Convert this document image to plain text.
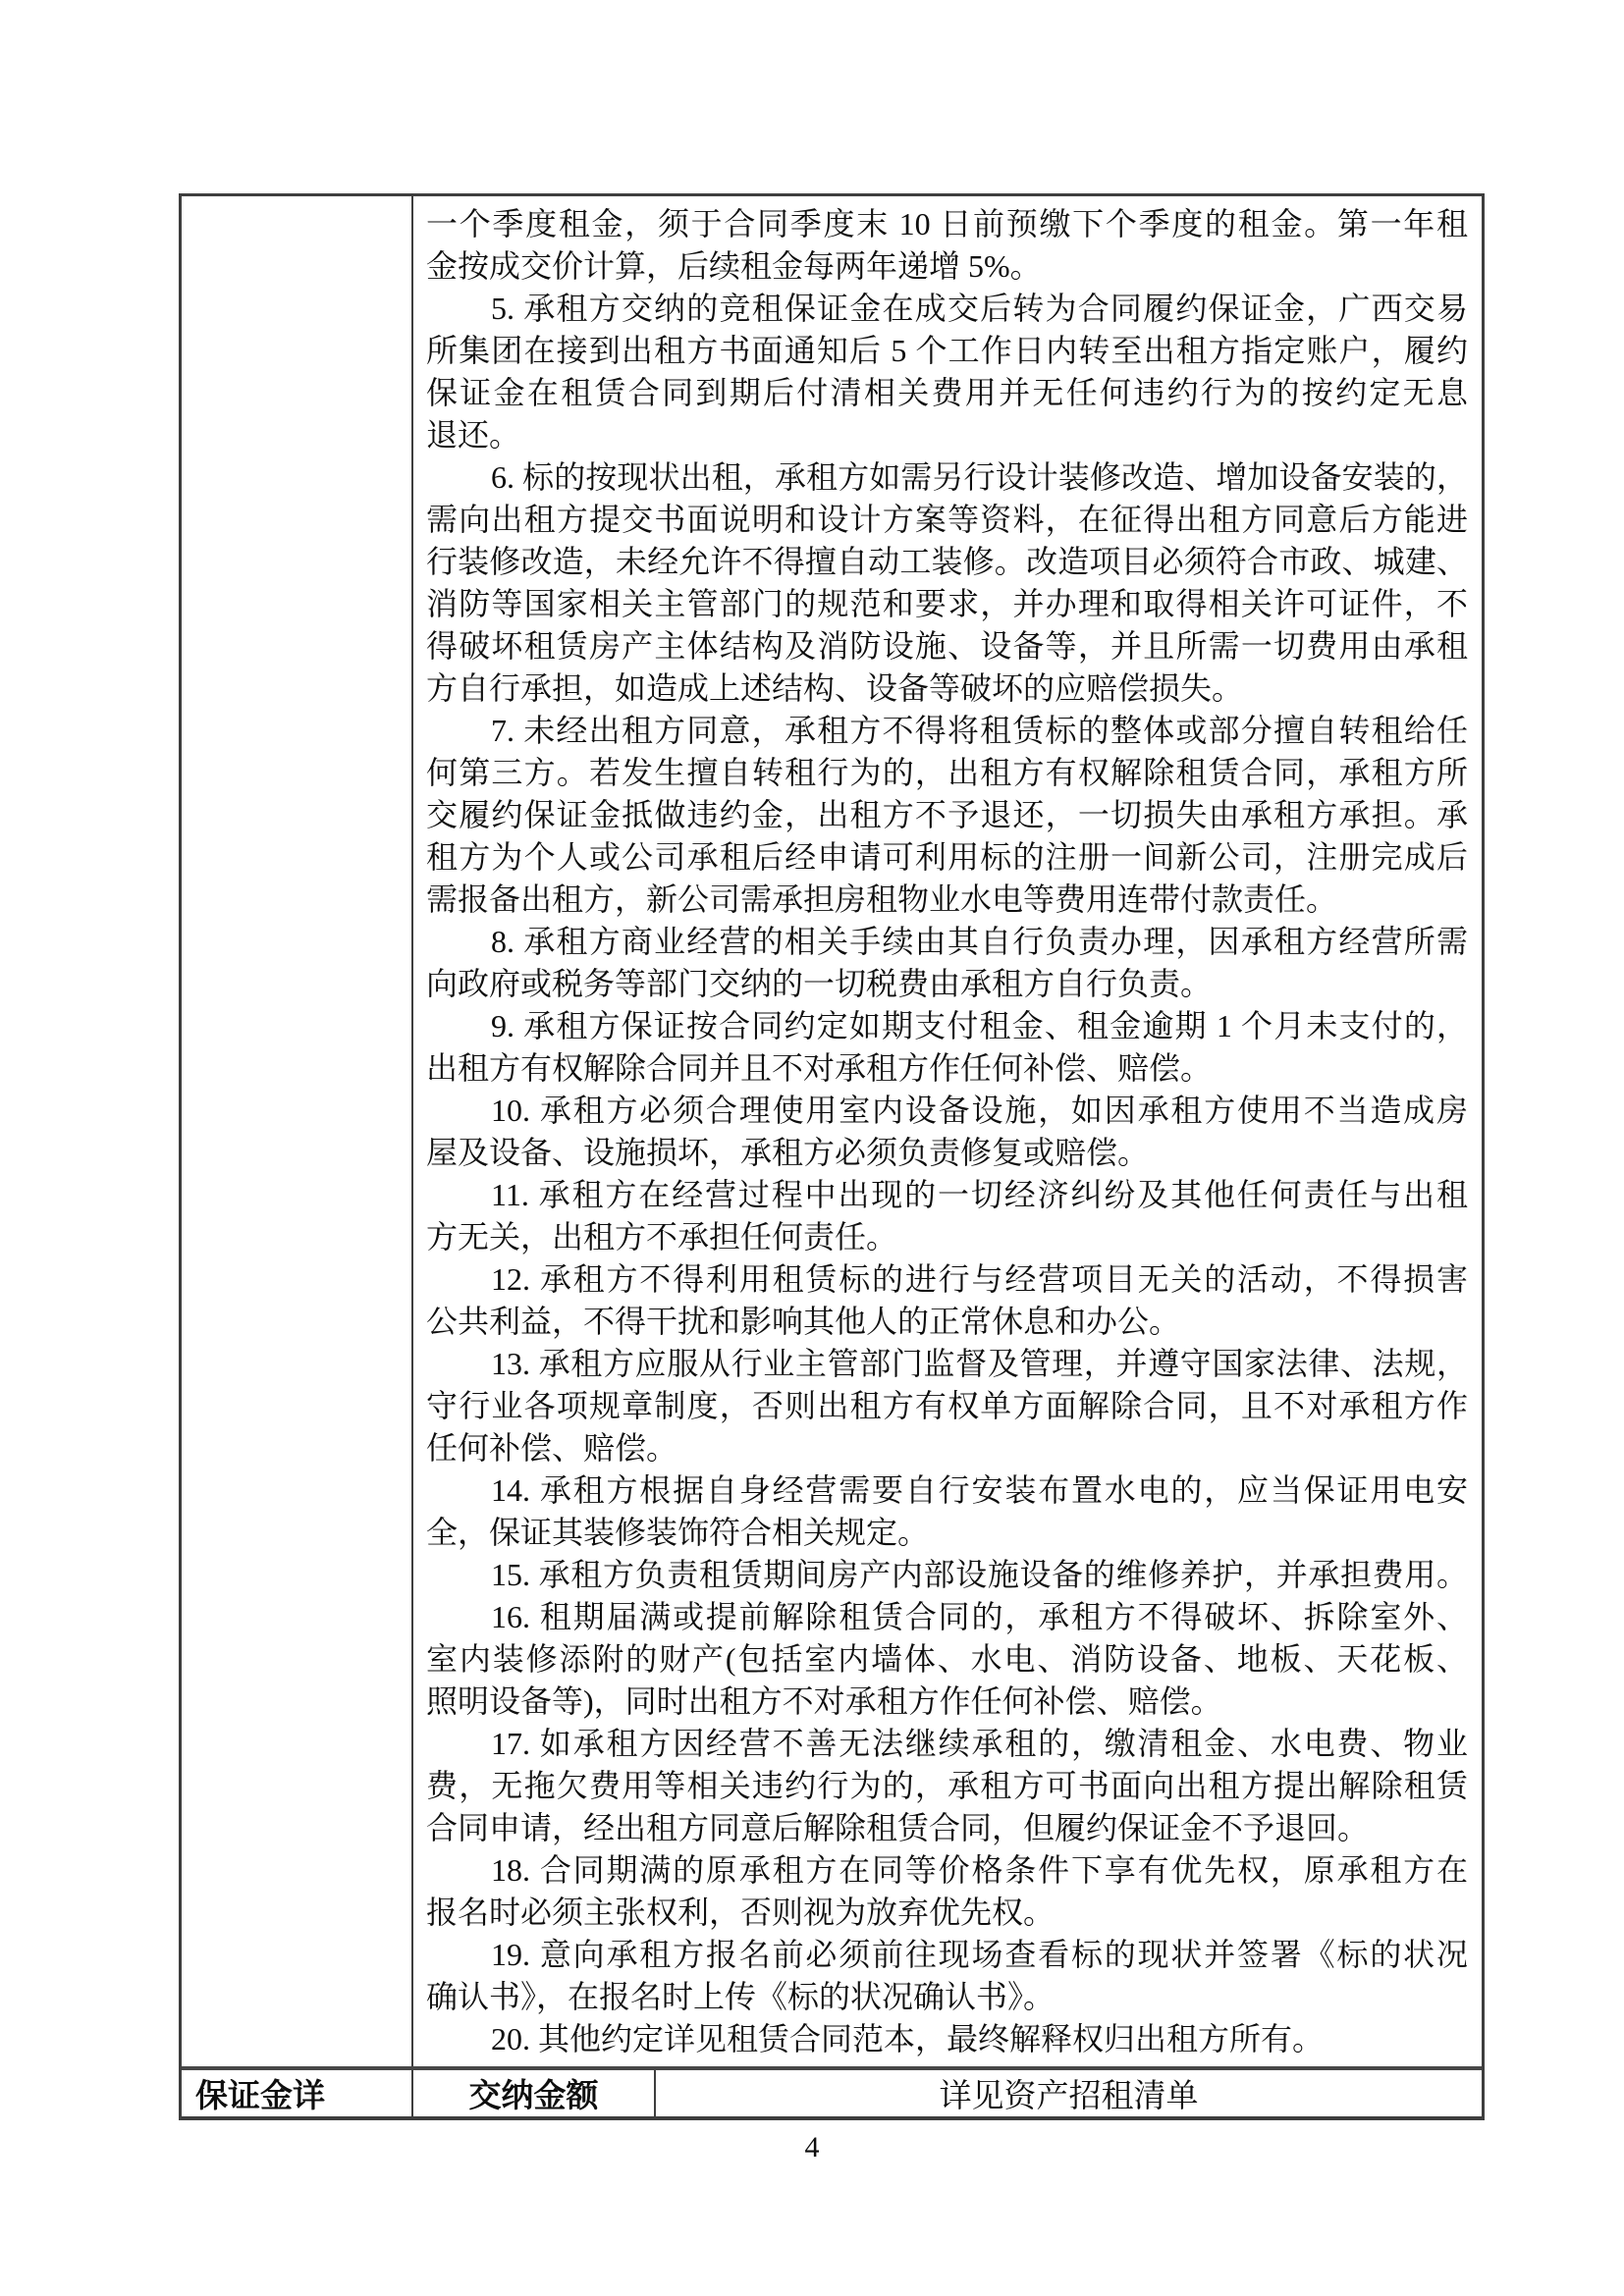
一个季度租金，须于合同季度末 10 日前预缴下个季度的租金。第一年租
金按成交价计算，后续租金每两年递增 5%。
5. 承租方交纳的竞租保证金在成交后转为合同履约保证金，广西交易
所集团在接到出租方书面通知后 5 个工作日内转至出租方指定账户，履约
保证金在租赁合同到期后付清相关费用并无任何违约行为的按约定无息
退还。
6. 标的按现状出租，承租方如需另行设计装修改造、增加设备安装的，
需向出租方提交书面说明和设计方案等资料，在征得出租方同意后方能进
行装修改造，未经允许不得擅自动工装修。改造项目必须符合市政、城建、
消防等国家相关主管部门的规范和要求，并办理和取得相关许可证件，不
得破坏租赁房产主体结构及消防设施、设备等，并且所需一切费用由承租
方自行承担，如造成上述结构、设备等破坏的应赔偿损失。
7. 未经出租方同意，承租方不得将租赁标的整体或部分擅自转租给任
何第三方。若发生擅自转租行为的，出租方有权解除租赁合同，承租方所
交履约保证金抵做违约金，出租方不予退还，一切损失由承租方承担。承
租方为个人或公司承租后经申请可利用标的注册一间新公司，注册完成后
需报备出租方，新公司需承担房租物业水电等费用连带付款责任。
8. 承租方商业经营的相关手续由其自行负责办理，因承租方经营所需
向政府或税务等部门交纳的一切税费由承租方自行负责。
9. 承租方保证按合同约定如期支付租金、租金逾期 1 个月未支付的，
出租方有权解除合同并且不对承租方作任何补偿、赔偿。
10. 承租方必须合理使用室内设备设施，如因承租方使用不当造成房
屋及设备、设施损坏，承租方必须负责修复或赔偿。
11. 承租方在经营过程中出现的一切经济纠纷及其他任何责任与出租
方无关，出租方不承担任何责任。
12. 承租方不得利用租赁标的进行与经营项目无关的活动，不得损害
公共利益，不得干扰和影响其他人的正常休息和办公。
13. 承租方应服从行业主管部门监督及管理，并遵守国家法律、法规，
守行业各项规章制度，否则出租方有权单方面解除合同，且不对承租方作
任何补偿、赔偿。
14. 承租方根据自身经营需要自行安装布置水电的，应当保证用电安
全，保证其装修装饰符合相关规定。
15. 承租方负责租赁期间房产内部设施设备的维修养护，并承担费用。
16. 租期届满或提前解除租赁合同的，承租方不得破坏、拆除室外、
室内装修添附的财产(包括室内墙体、水电、消防设备、地板、天花板、
照明设备等)，同时出租方不对承租方作任何补偿、赔偿。
17. 如承租方因经营不善无法继续承租的，缴清租金、水电费、物业
费，无拖欠费用等相关违约行为的，承租方可书面向出租方提出解除租赁
合同申请，经出租方同意后解除租赁合同，但履约保证金不予退回。
18. 合同期满的原承租方在同等价格条件下享有优先权，原承租方在
报名时必须主张权利，否则视为放弃优先权。
19. 意向承租方报名前必须前往现场查看标的现状并签署《标的状况
确认书》，在报名时上传《标的状况确认书》。
20. 其他约定详见租赁合同范本，最终解释权归出租方所有。
保证金详	交纳金额	详见资产招租清单
4
